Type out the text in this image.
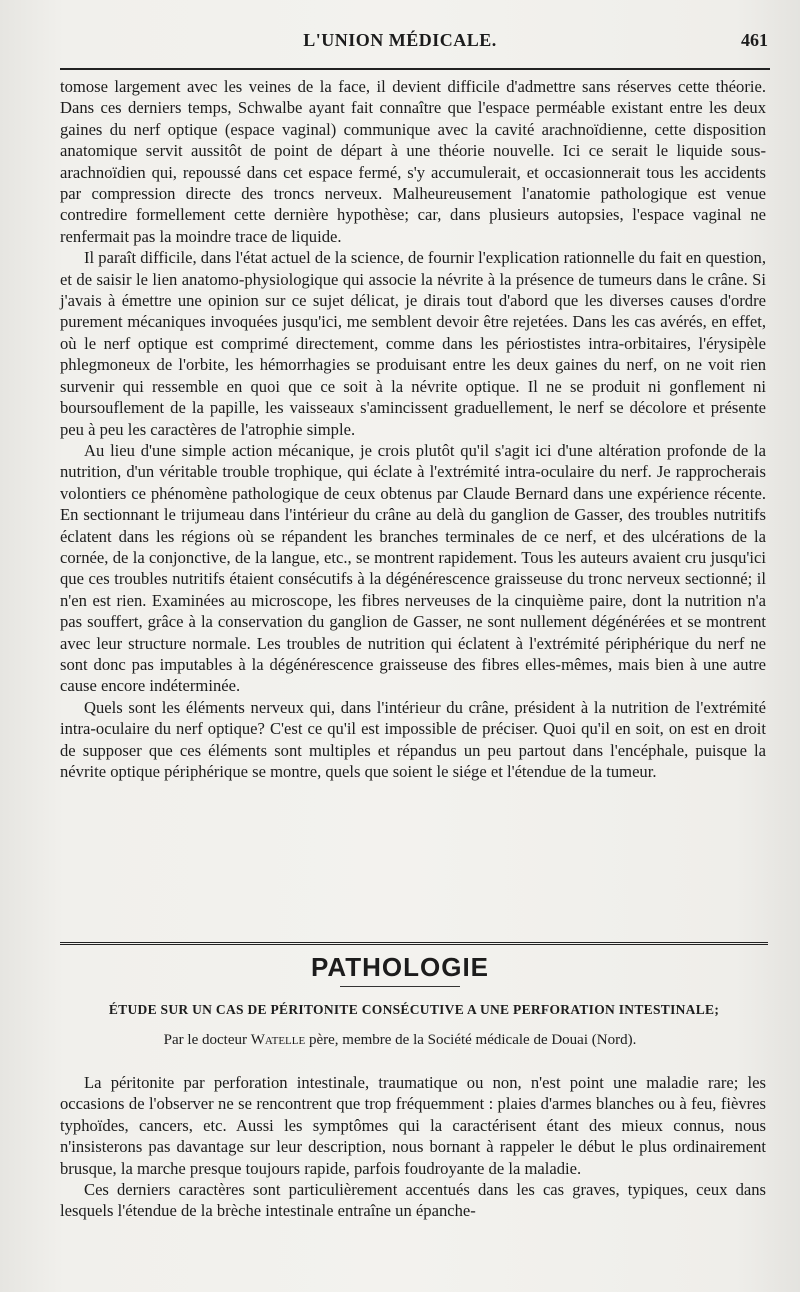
L'UNION MÉDICALE.	461

tomose largement avec les veines de la face, il devient difficile d'admettre sans réserves cette théorie. Dans ces derniers temps, Schwalbe ayant fait connaître que l'espace perméable existant entre les deux gaines du nerf optique (espace vaginal) communique avec la cavité arachnoïdienne, cette disposition anatomique servit aussitôt de point de départ à une théorie nouvelle. Ici ce serait le liquide sous-arachnoïdien qui, repoussé dans cet espace fermé, s'y accumulerait, et occasionnerait tous les accidents par compression directe des troncs nerveux. Malheureusement l'anatomie pathologique est venue contredire formellement cette dernière hypothèse; car, dans plusieurs autopsies, l'espace vaginal ne renfermait pas la moindre trace de liquide.

Il paraît difficile, dans l'état actuel de la science, de fournir l'explication rationnelle du fait en question, et de saisir le lien anatomo-physiologique qui associe la névrite à la présence de tumeurs dans le crâne. Si j'avais à émettre une opinion sur ce sujet délicat, je dirais tout d'abord que les diverses causes d'ordre purement mécaniques invoquées jusqu'ici, me semblent devoir être rejetées. Dans les cas avérés, en effet, où le nerf optique est comprimé directement, comme dans les périostistes intra-orbitaires, l'érysipèle phlegmoneux de l'orbite, les hémorrhagies se produisant entre les deux gaines du nerf, on ne voit rien survenir qui ressemble en quoi que ce soit à la névrite optique. Il ne se produit ni gonflement ni boursouflement de la papille, les vaisseaux s'amincissent graduellement, le nerf se décolore et présente peu à peu les caractères de l'atrophie simple.

Au lieu d'une simple action mécanique, je crois plutôt qu'il s'agit ici d'une altération profonde de la nutrition, d'un véritable trouble trophique, qui éclate à l'extrémité intra-oculaire du nerf. Je rapprocherais volontiers ce phénomène pathologique de ceux obtenus par Claude Bernard dans une expérience récente. En sectionnant le trijumeau dans l'intérieur du crâne au delà du ganglion de Gasser, des troubles nutritifs éclatent dans les régions où se répandent les branches terminales de ce nerf, et des ulcérations de la cornée, de la conjonctive, de la langue, etc., se montrent rapidement. Tous les auteurs avaient cru jusqu'ici que ces troubles nutritifs étaient consécutifs à la dégénérescence graisseuse du tronc nerveux sectionné; il n'en est rien. Examinées au microscope, les fibres nerveuses de la cinquième paire, dont la nutrition n'a pas souffert, grâce à la conservation du ganglion de Gasser, ne sont nullement dégénérées et se montrent avec leur structure normale. Les troubles de nutrition qui éclatent à l'extrémité périphérique du nerf ne sont donc pas imputables à la dégénérescence graisseuse des fibres elles-mêmes, mais bien à une autre cause encore indéterminée.

Quels sont les éléments nerveux qui, dans l'intérieur du crâne, président à la nutrition de l'extrémité intra-oculaire du nerf optique? C'est ce qu'il est impossible de préciser. Quoi qu'il en soit, on est en droit de supposer que ces éléments sont multiples et répandus un peu partout dans l'encéphale, puisque la névrite optique périphérique se montre, quels que soient le siége et l'étendue de la tumeur.

PATHOLOGIE
ÉTUDE SUR UN CAS DE PÉRITONITE CONSÉCUTIVE A UNE PERFORATION INTESTINALE;
Par le docteur Watelle père, membre de la Société médicale de Douai (Nord).

La péritonite par perforation intestinale, traumatique ou non, n'est point une maladie rare; les occasions de l'observer ne se rencontrent que trop fréquemment : plaies d'armes blanches ou à feu, fièvres typhoïdes, cancers, etc. Aussi les symptômes qui la caractérisent étant des mieux connus, nous n'insisterons pas davantage sur leur description, nous bornant à rappeler le début le plus ordinairement brusque, la marche presque toujours rapide, parfois foudroyante de la maladie.

Ces derniers caractères sont particulièrement accentués dans les cas graves, typiques, ceux dans lesquels l'étendue de la brèche intestinale entraîne un épanche-
